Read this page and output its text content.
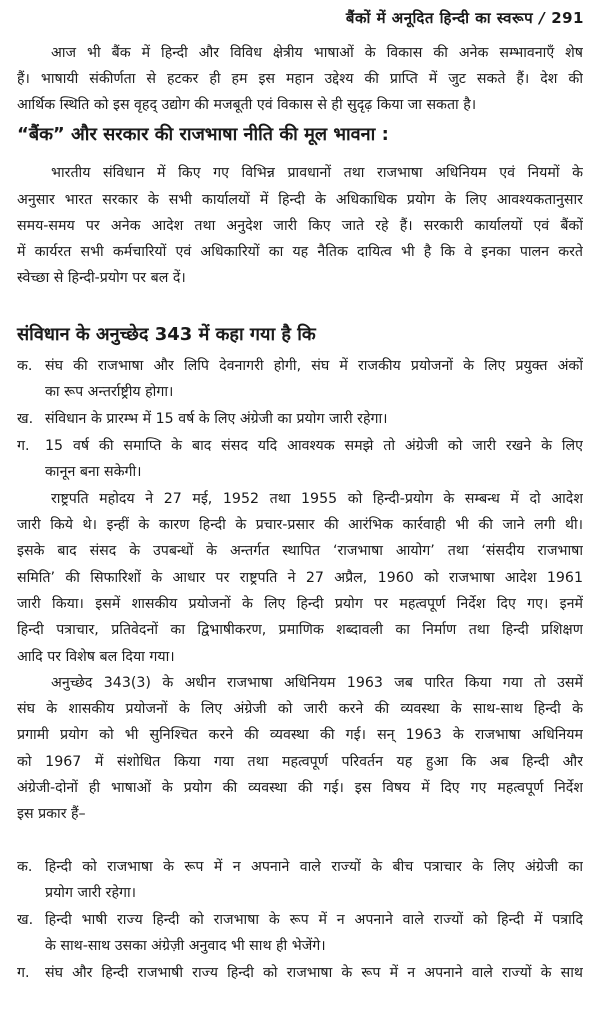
बैंकों में अनूदित हिन्दी का स्वरूप / 291
आज भी बैंक में हिन्दी और विविध क्षेत्रीय भाषाओं के विकास की अनेक सम्भावनाएँ शेष
हैं। भाषायी संकीर्णता से हटकर ही हम इस महान उद्देश्य की प्राप्ति में जुट सकते हैं। देश की
आर्थिक स्थिति को इस वृहद् उद्योग की मजबूती एवं विकास से ही सुदृढ़ किया जा सकता है।
“बैंक” और सरकार की राजभाषा नीति की मूल भावना :
भारतीय संविधान में किए गए विभिन्न प्रावधानों तथा राजभाषा अधिनियम एवं नियमों के
अनुसार भारत सरकार के सभी कार्यालयों में हिन्दी के अधिकाधिक प्रयोग के लिए आवश्यकतानुसार
समय-समय पर अनेक आदेश तथा अनुदेश जारी किए जाते रहे हैं। सरकारी कार्यालयों एवं बैंकों
में कार्यरत सभी कर्मचारियों एवं अधिकारियों का यह नैतिक दायित्व भी है कि वे इनका पालन करते
स्वेच्छा से हिन्दी-प्रयोग पर बल दें।
संविधान के अनुच्छेद 343 में कहा गया है कि
क. संघ की राजभाषा और लिपि देवनागरी होगी, संघ में राजकीय प्रयोजनों के लिए प्रयुक्त अंकों
का रूप अन्तर्राष्ट्रीय होगा।
ख. संविधान के प्रारम्भ में 15 वर्ष के लिए अंग्रेजी का प्रयोग जारी रहेगा।
ग.	15 वर्ष की समाप्ति के बाद संसद यदि आवश्यक समझे तो अंग्रेजी को जारी रखने के लिए
कानून बना सकेगी।
राष्ट्रपति महोदय ने 27 मई, 1952 तथा 1955 को हिन्दी-प्रयोग के सम्बन्ध में दो आदेश
जारी किये थे। इन्हीं के कारण हिन्दी के प्रचार-प्रसार की आरंभिक कार्रवाही भी की जाने लगी थी।
इसके बाद संसद के उपबन्धों के अन्तर्गत स्थापित ‘राजभाषा आयोग’ तथा ‘संसदीय राजभाषा
समिति’ की सिफारिशों के आधार पर राष्ट्रपति ने 27 अप्रैल, 1960 को राजभाषा आदेश 1961
जारी किया। इसमें शासकीय प्रयोजनों के लिए हिन्दी प्रयोग पर महत्वपूर्ण निर्देश दिए गए। इनमें
हिन्दी पत्राचार, प्रतिवेदनों का द्विभाषीकरण, प्रमाणिक शब्दावली का निर्माण तथा हिन्दी प्रशिक्षण
आदि पर विशेष बल दिया गया।
अनुच्छेद 343(3) के अधीन राजभाषा अधिनियम 1963 जब पारित किया गया तो उसमें
संघ के शासकीय प्रयोजनों के लिए अंग्रेजी को जारी करने की व्यवस्था के साथ-साथ हिन्दी के
प्रगामी प्रयोग को भी सुनिश्चित करने की व्यवस्था की गई। सन् 1963 के राजभाषा अधिनियम
को 1967 में संशोधित किया गया तथा महत्वपूर्ण परिवर्तन यह हुआ कि अब हिन्दी और
अंग्रेजी-दोनों ही भाषाओं के प्रयोग की व्यवस्था की गई। इस विषय में दिए गए महत्वपूर्ण निर्देश
इस प्रकार हैं–
क. हिन्दी को राजभाषा के रूप में न अपनाने वाले राज्यों के बीच पत्राचार के लिए अंग्रेजी का
प्रयोग जारी रहेगा।
ख. हिन्दी भाषी राज्य हिन्दी को राजभाषा के रूप में न अपनाने वाले राज्यों को हिन्दी में पत्रादि
के साथ-साथ उसका अंग्रेज़ी अनुवाद भी साथ ही भेजेंगे।
ग.	संघ और हिन्दी राजभाषी राज्य हिन्दी को राजभाषा के रूप में न अपनाने वाले राज्यों के साथ
